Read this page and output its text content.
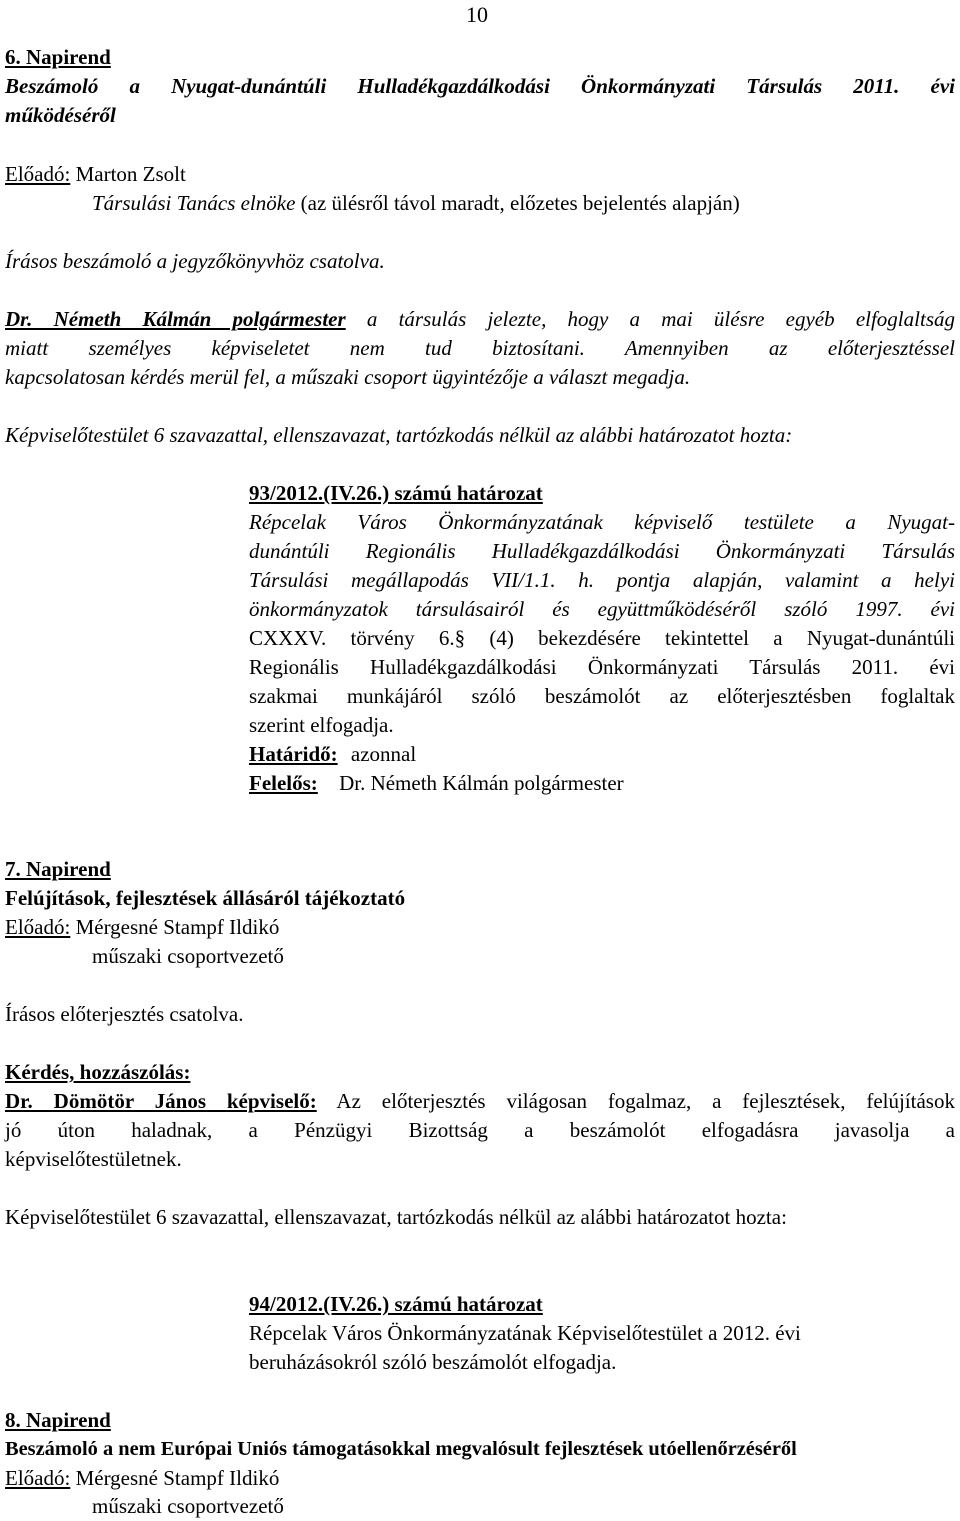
10
6. Napirend
Beszámoló a Nyugat-dunántúli Hulladékgazdálkodási Önkormányzati Társulás 2011. évi
működéséről
Előadó: Marton Zsolt
Társulási Tanács elnöke (az ülésről távol maradt, előzetes bejelentés alapján)
Írásos beszámoló a jegyzőkönyvhöz csatolva.
Dr. Németh Kálmán polgármester a társulás jelezte, hogy a mai ülésre egyéb elfoglaltság
miatt személyes képviseletet nem tud biztosítani. Amennyiben az előterjesztéssel
kapcsolatosan kérdés merül fel, a műszaki csoport ügyintézője a választ megadja.
Képviselőtestület 6 szavazattal, ellenszavazat, tartózkodás nélkül az alábbi határozatot hozta:
93/2012.(IV.26.) számú határozat
Répcelak Város Önkormányzatának képviselő testülete a Nyugat-
dunántúli Regionális Hulladékgazdálkodási Önkormányzati Társulás
Társulási megállapodás VII/1.1. h. pontja alapján, valamint a helyi
önkormányzatok társulásairól és együttműködéséről szóló 1997. évi
CXXXV. törvény 6.§ (4) bekezdésére tekintettel a Nyugat-dunántúli
Regionális Hulladékgazdálkodási Önkormányzati Társulás 2011. évi
szakmai munkájáról szóló beszámolót az előterjesztésben foglaltak
szerint elfogadja.
Határidő: azonnal
Felelős: Dr. Németh Kálmán polgármester
7. Napirend
Felújítások, fejlesztések állásáról tájékoztató
Előadó: Mérgesné Stampf Ildikó
műszaki csoportvezető
Írásos előterjesztés csatolva.
Kérdés, hozzászólás:
Dr. Dömötör János képviselő: Az előterjesztés világosan fogalmaz, a fejlesztések, felújítások
jó úton haladnak, a Pénzügyi Bizottság a beszámolót elfogadásra javasolja a
képviselőtestületnek.
Képviselőtestület 6 szavazattal, ellenszavazat, tartózkodás nélkül az alábbi határozatot hozta:
94/2012.(IV.26.) számú határozat
Répcelak Város Önkormányzatának Képviselőtestület a 2012. évi
beruházásokról szóló beszámolót elfogadja.
8. Napirend
Beszámoló a nem Európai Uniós támogatásokkal megvalósult fejlesztések utóellenőrzéséről
Előadó: Mérgesné Stampf Ildikó
műszaki csoportvezető
